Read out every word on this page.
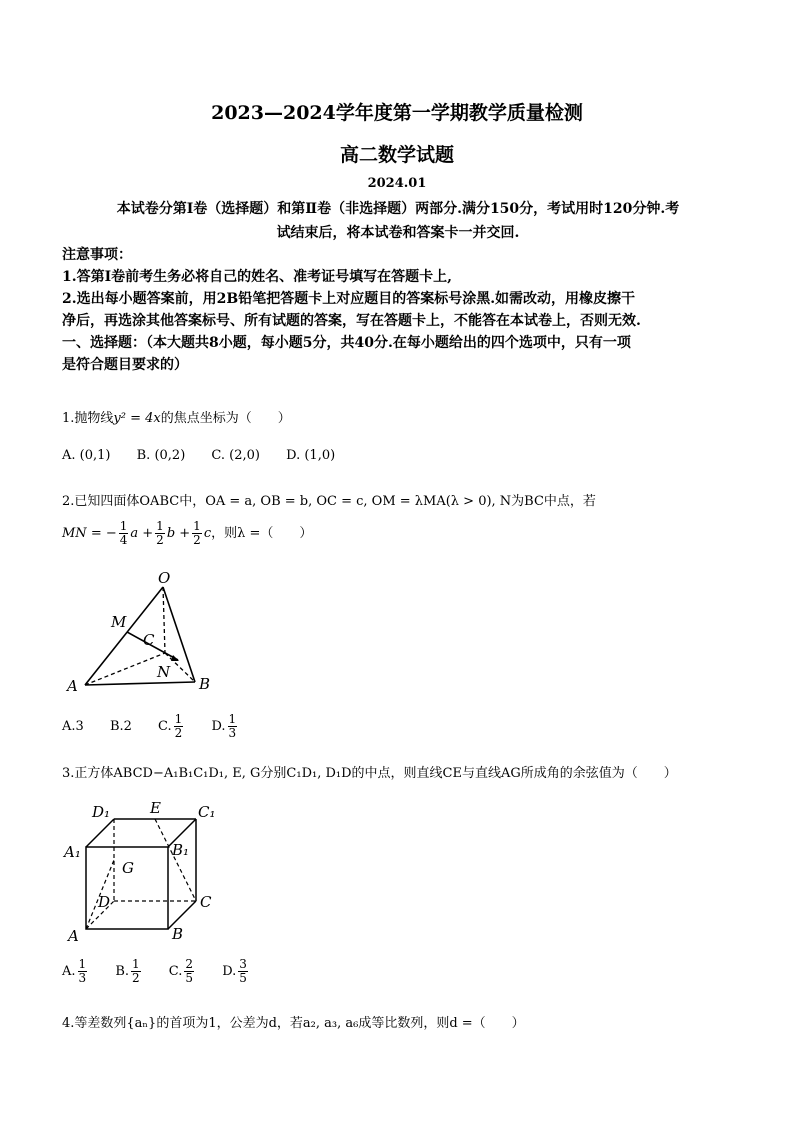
2023—2024学年度第一学期教学质量检测
高二数学试题
2024.01
本试卷分第Ⅰ卷（选择题）和第Ⅱ卷（非选择题）两部分.满分150分，考试用时120分钟.考
试结束后，将本试卷和答案卡一并交回.
注意事项：
1.答第Ⅰ卷前考生务必将自己的姓名、准考证号填写在答题卡上,
2.选出每小题答案前，用2B铅笔把答题卡上对应题目的答案标号涂黑.如需改动，用橡皮擦干
净后，再选涂其他答案标号、所有试题的答案，写在答题卡上，不能答在本试卷上，否则无效.
一、选择题：（本大题共8小题，每小题5分，共40分.在每小题给出的四个选项中，只有一项
是符合题目要求的）
1.抛物线y² = 4x的焦点坐标为（　　）
A. (0,1) B. (0,2) C. (2,0) D. (1,0)
2.已知四面体OABC中，OA = a, OB = b, OC = c, OM = λMA(λ > 0), N为BC中点，若
MN = − $\frac{1}{4}$ $a + \frac{1}{2}$ $b + \frac{1}{2}$ c，则λ =（　　）
O
M
C
N
A	B
A.3 B.2 C. $\frac{1}{2} D$. $\frac{1}{3}$
3.正方体ABCD−A₁B₁C₁D₁, E, G分别C₁D₁, D₁D的中点，则直线CE与直线AG所成角的余弦值为（　　）
D₁	E C₁
A₁	B₁
G
D	C
A	B
A. $\frac{1}{3} B$. $\frac{1}{2} C$. $\frac{2}{5} D$. $\frac{3}{5}$
4.等差数列{aₙ}的首项为1，公差为d，若a₂, a₃, a₆成等比数列，则d =（　　）
